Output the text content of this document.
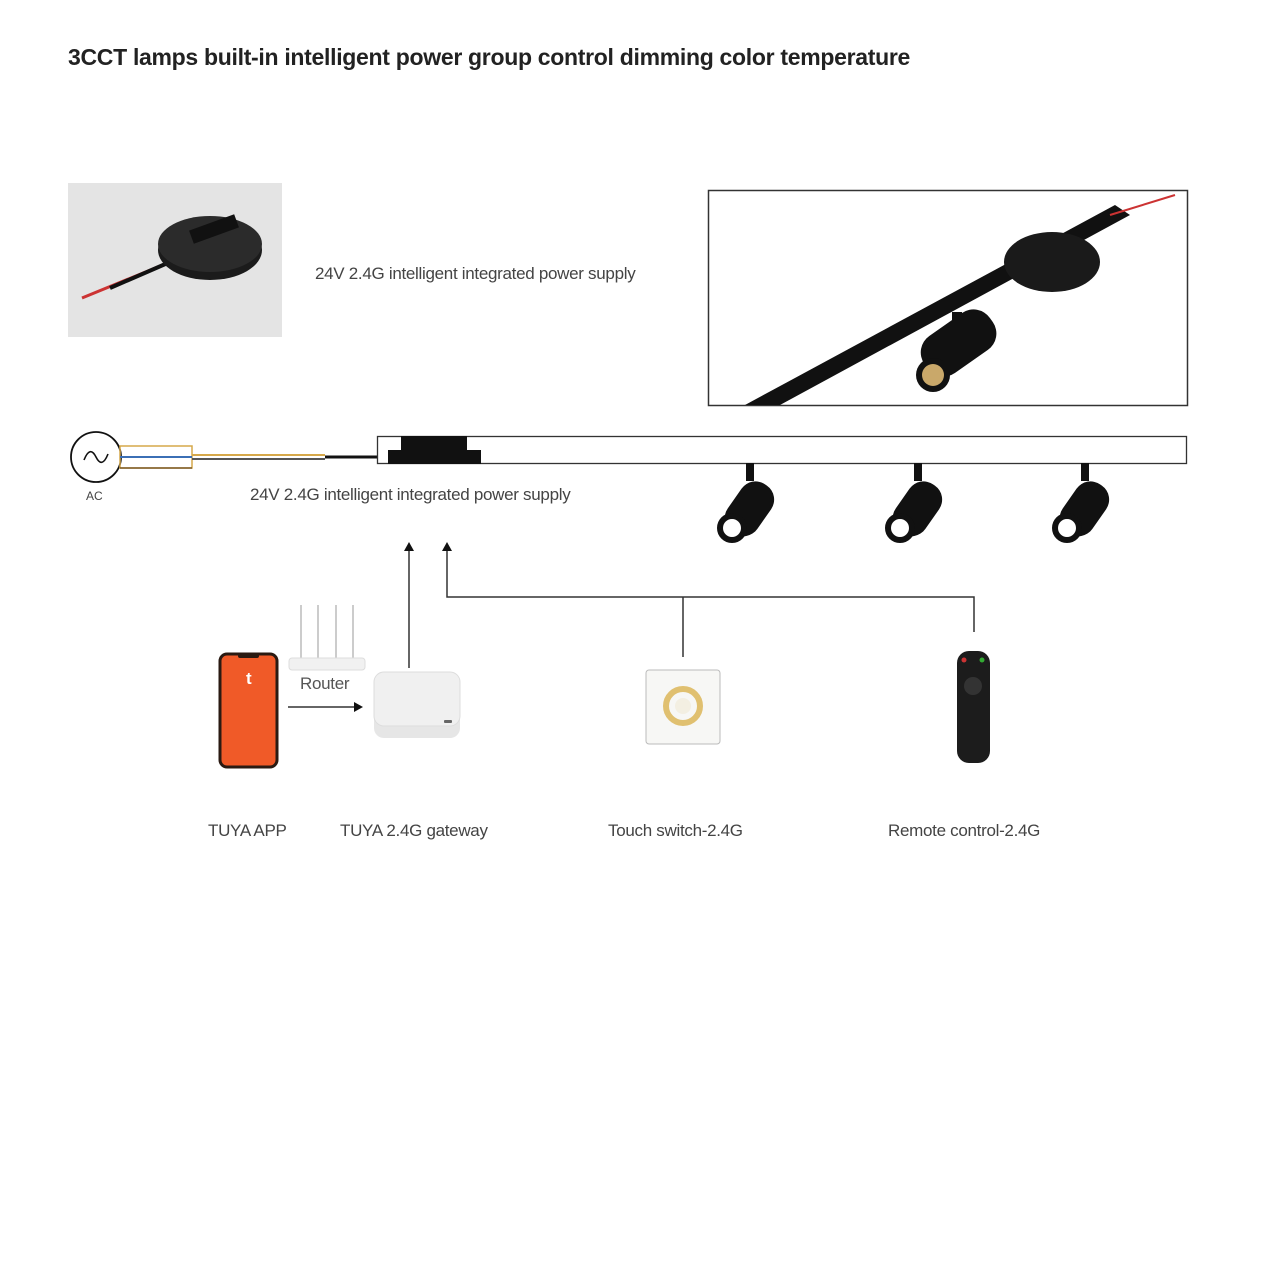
3CCT lamps built-in intelligent power group control dimming color temperature
t
24V 2.4G intelligent integrated power supply
24V 2.4G intelligent integrated power supply
AC
Router
TUYA APP	TUYA 2.4G gateway	Touch switch-2.4G	Remote control-2.4G
